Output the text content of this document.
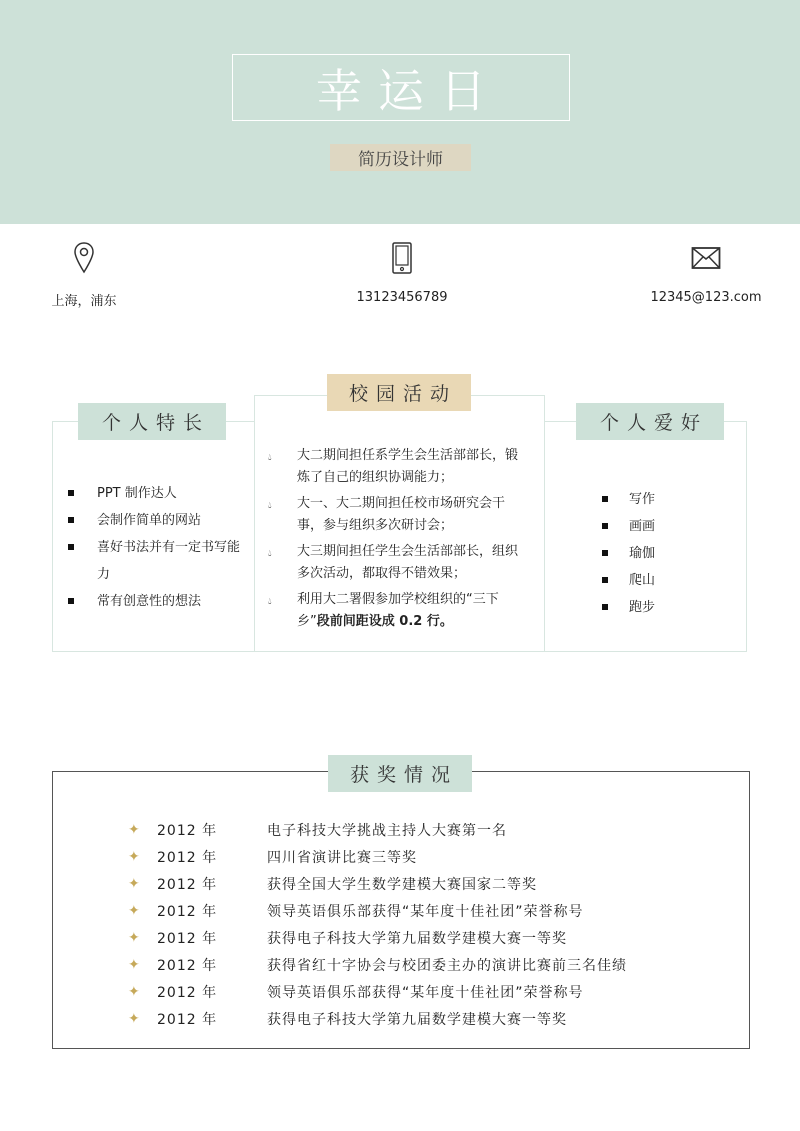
幸运日
简历设计师
上海，浦东	13123456789	12345@123.com
个人特长
校园活动
个人爱好
PPT 制作达人
会制作简单的网站
喜好书法并有一定书写能力
常有创意性的想法
💧︎	大二期间担任系学生会生活部部长，锻炼了自己的组织协调能力；
💧︎	大一、大二期间担任校市场研究会干事，参与组织多次研讨会；
💧︎	大三期间担任学生会生活部部长，组织多次活动，都取得不错效果；
💧︎	利用大二署假参加学校组织的“三下乡”段前间距设成 0.2 行。
写作
画画
瑜伽
爬山
跑步
获奖情况
✦	2012 年	电子科技大学挑战主持人大赛第一名
✦	2012 年	四川省演讲比赛三等奖
✦	2012 年	获得全国大学生数学建模大赛国家二等奖
✦	2012 年	领导英语俱乐部获得“某年度十佳社团”荣誉称号
✦	2012 年	获得电子科技大学第九届数学建模大赛一等奖
✦	2012 年	获得省红十字协会与校团委主办的演讲比赛前三名佳绩
✦	2012 年	领导英语俱乐部获得“某年度十佳社团”荣誉称号
✦	2012 年	获得电子科技大学第九届数学建模大赛一等奖
